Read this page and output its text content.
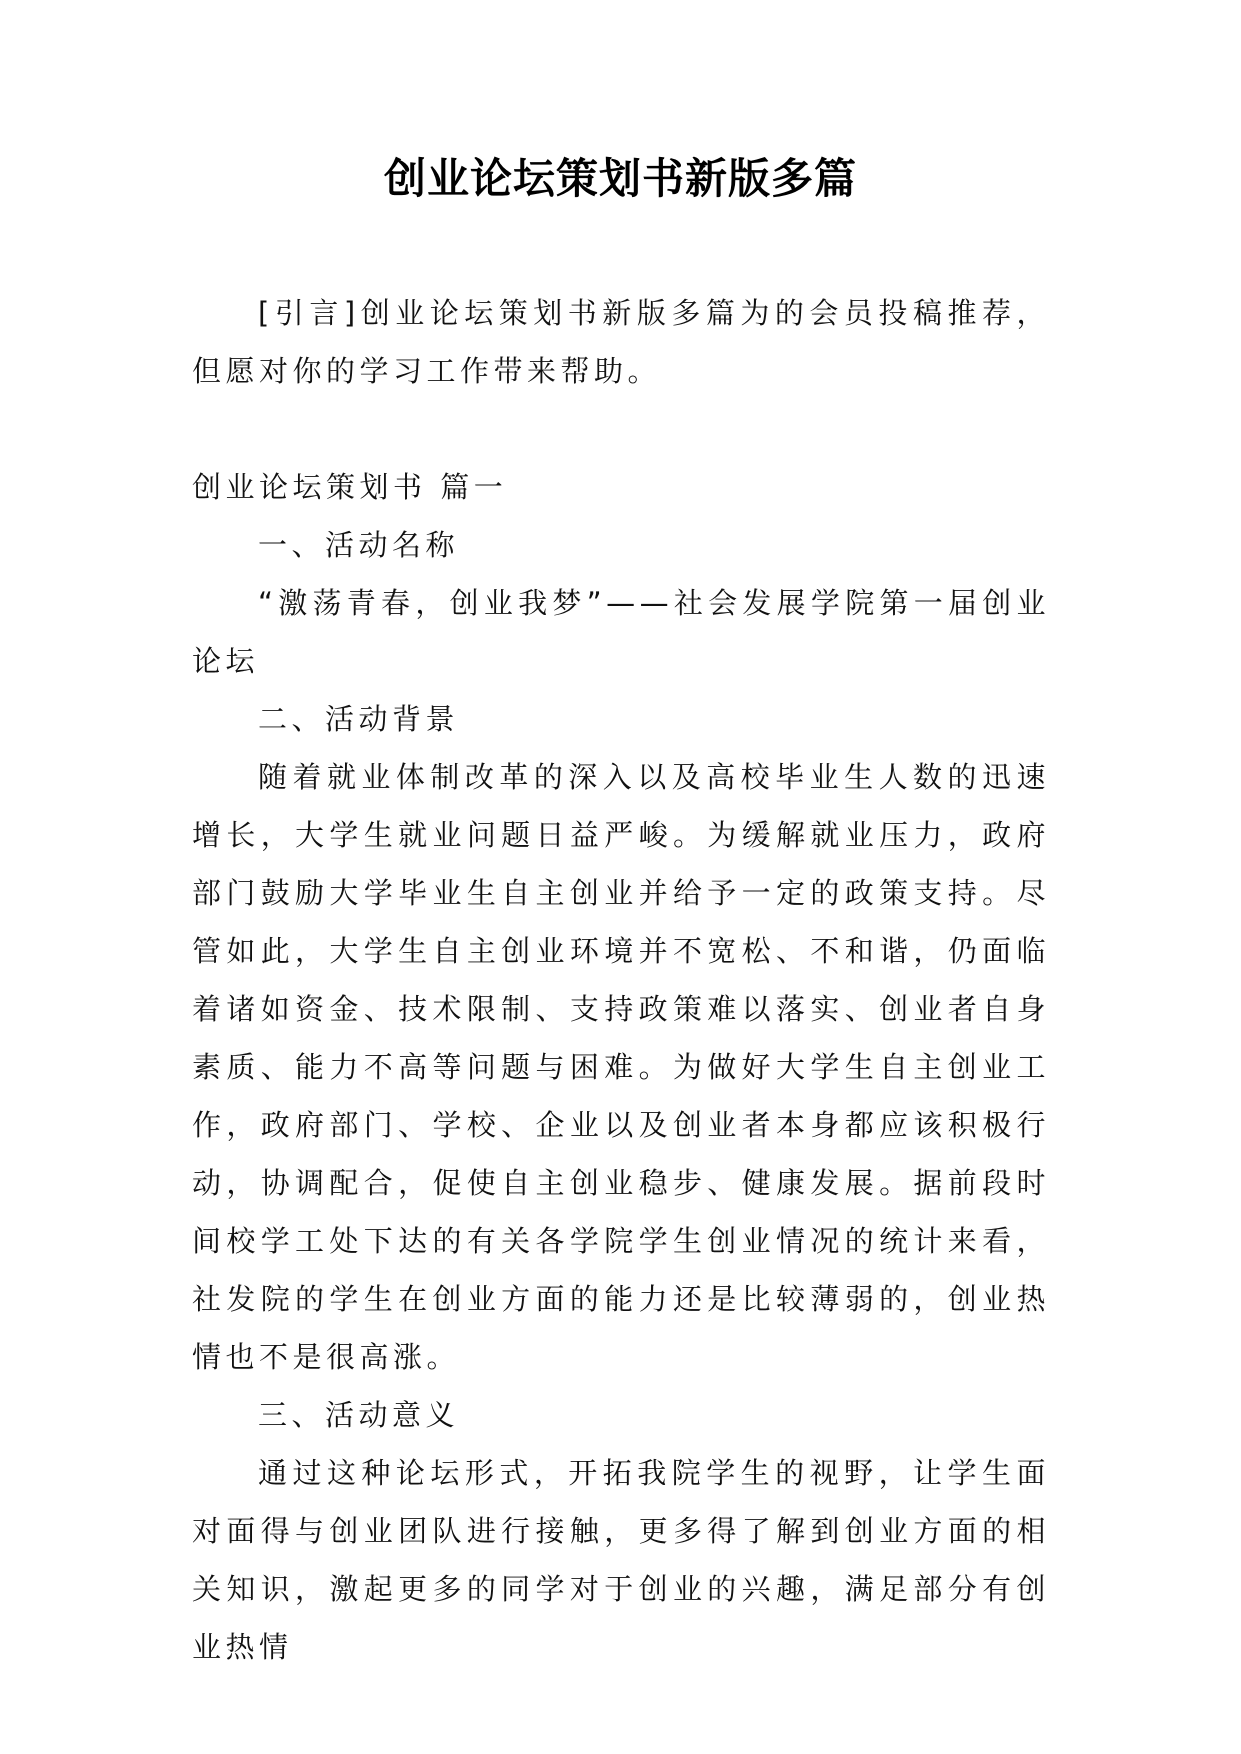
创业论坛策划书新版多篇

[引言]创业论坛策划书新版多篇为的会员投稿推荐，但愿对你的学习工作带来帮助。

创业论坛策划书 篇一

一、活动名称

“激荡青春，创业我梦”——社会发展学院第一届创业论坛

二、活动背景

随着就业体制改革的深入以及高校毕业生人数的迅速增长，大学生就业问题日益严峻。为缓解就业压力，政府部门鼓励大学毕业生自主创业并给予一定的政策支持。尽管如此，大学生自主创业环境并不宽松、不和谐，仍面临着诸如资金、技术限制、支持政策难以落实、创业者自身素质、能力不高等问题与困难。为做好大学生自主创业工作，政府部门、学校、企业以及创业者本身都应该积极行动，协调配合，促使自主创业稳步、健康发展。据前段时间校学工处下达的有关各学院学生创业情况的统计来看，社发院的学生在创业方面的能力还是比较薄弱的，创业热情也不是很高涨。

三、活动意义

通过这种论坛形式，开拓我院学生的视野，让学生面对面得与创业团队进行接触，更多得了解到创业方面的相关知识，激起更多的同学对于创业的兴趣，满足部分有创业热情
